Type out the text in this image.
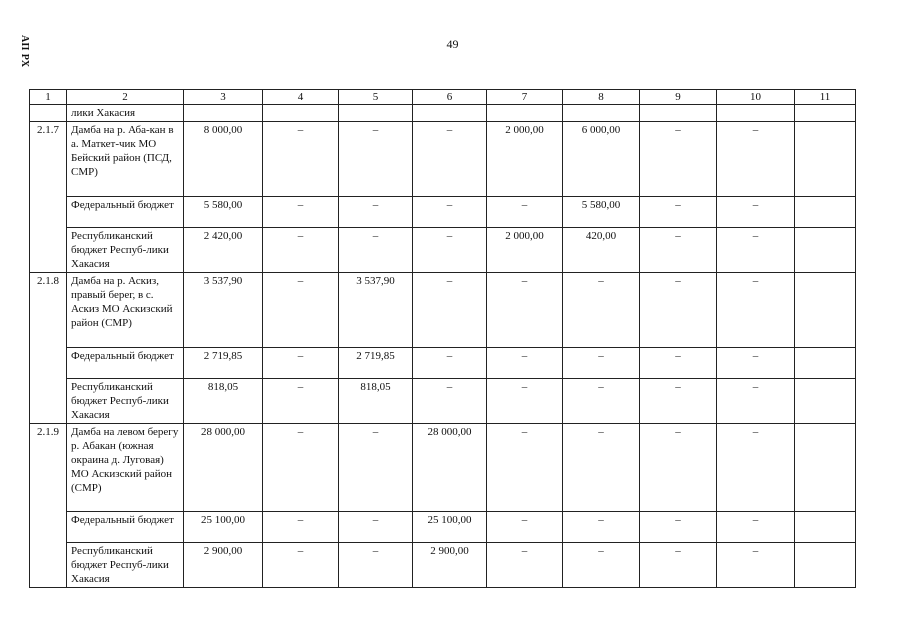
АП РХ	49
1	2	3	4	5	6	7	8	9	10	11
	лики Хакасия									
2.1.7	Дамба на р. Аба-кан в а. Маткет-чик МО Бейский район (ПСД, СМР)	8 000,00	–	–	–	2 000,00	6 000,00	–	–	
	Федеральный бюджет	5 580,00	–	–	–	–	5 580,00	–	–	
	Республиканский бюджет Респуб-лики Хакасия	2 420,00	–	–	–	2 000,00	420,00	–	–	
2.1.8	Дамба на р. Аскиз, правый берег, в с. Аскиз МО Аскизский район (СМР)	3 537,90	–	3 537,90	–	–	–	–	–	
	Федеральный бюджет	2 719,85	–	2 719,85	–	–	–	–	–	
	Республиканский бюджет Респуб-лики Хакасия	818,05	–	818,05	–	–	–	–	–	
2.1.9	Дамба на левом берегу р. Абакан (южная окраина д. Луговая) МО Аскизский район (СМР)	28 000,00	–	–	28 000,00	–	–	–	–	
	Федеральный бюджет	25 100,00	–	–	25 100,00	–	–	–	–	
	Республиканский бюджет Респуб-лики Хакасия	2 900,00	–	–	2 900,00	–	–	–	–	
